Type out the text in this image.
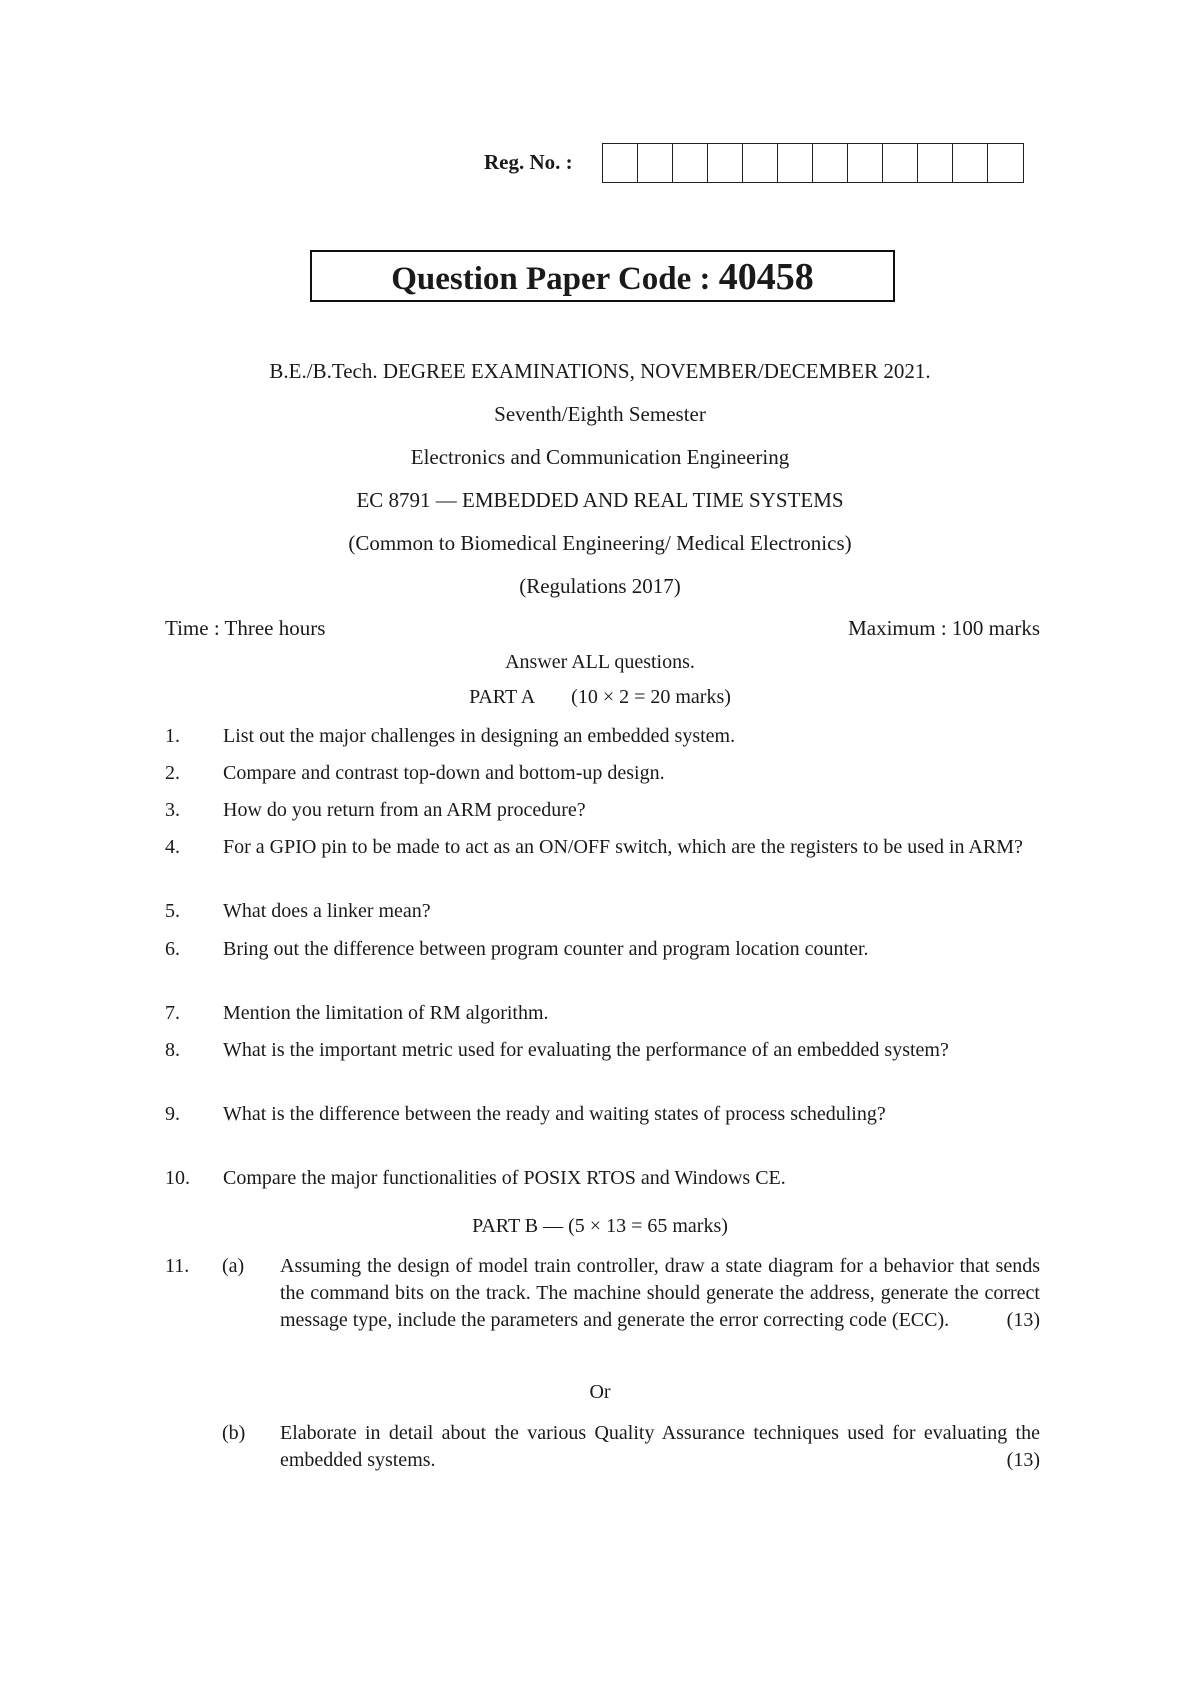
Reg. No. :
Question Paper Code : 40458
B.E./B.Tech. DEGREE EXAMINATIONS, NOVEMBER/DECEMBER 2021.
Seventh/Eighth Semester
Electronics and Communication Engineering
EC 8791 — EMBEDDED AND REAL TIME SYSTEMS
(Common to Biomedical Engineering/ Medical Electronics)
(Regulations 2017)
Time : Three hours	Maximum : 100 marks
Answer ALL questions.
PART A (10 × 2 = 20 marks)
1. List out the major challenges in designing an embedded system.
2. Compare and contrast top-down and bottom-up design.
3. How do you return from an ARM procedure?
4. For a GPIO pin to be made to act as an ON/OFF switch, which are the registers to be used in ARM?
5. What does a linker mean?
6. Bring out the difference between program counter and program location counter.
7. Mention the limitation of RM algorithm.
8. What is the important metric used for evaluating the performance of an embedded system?
9. What is the difference between the ready and waiting states of process scheduling?
10. Compare the major functionalities of POSIX RTOS and Windows CE.
PART B — (5 × 13 = 65 marks)
11. (a) Assuming the design of model train controller, draw a state diagram for a behavior that sends the command bits on the track. The machine should generate the address, generate the correct message type, include the parameters and generate the error correcting code (ECC).	(13)
Or
(b) Elaborate in detail about the various Quality Assurance techniques used for evaluating the embedded systems.	(13)
